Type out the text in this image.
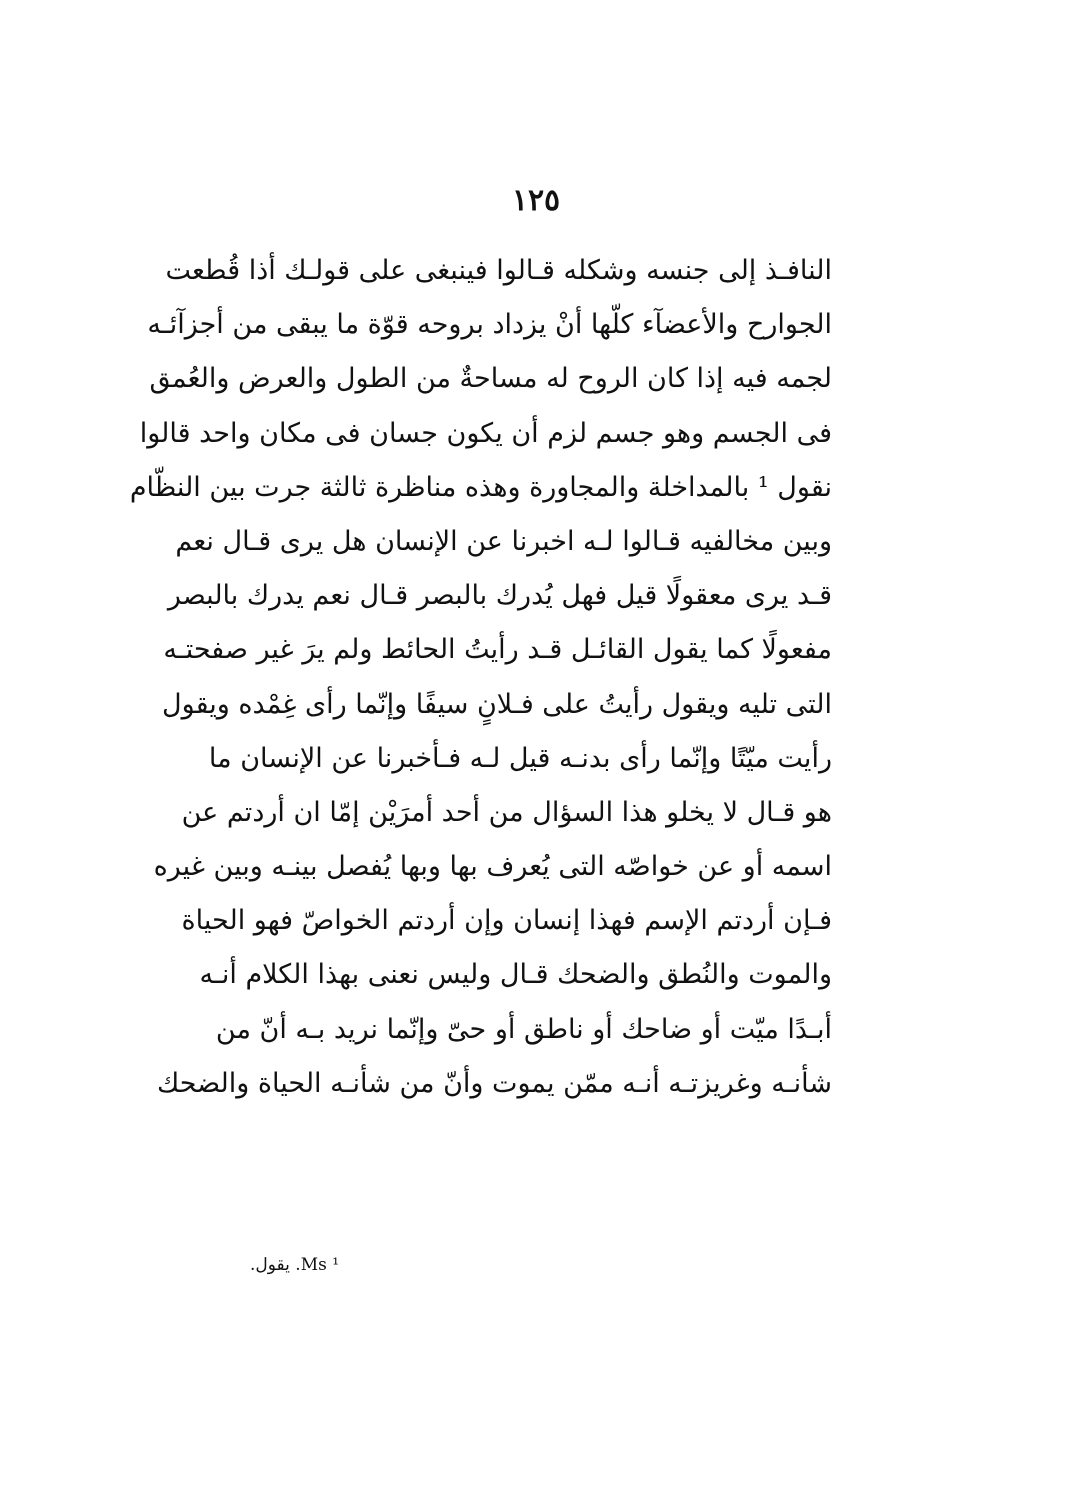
١٢٥
النافـذ إلى جنسه وشكله قـالوا فينبغى على قولـك أذا قُطعت
الجوارح والأعضآء كلّها أنْ يزداد بروحه قوّة ما يبقى من أجزآئـه
لجمه فيه إذا كان الروح له مساحةٌ من الطول والعرض والعُمق
فى الجسم وهو جسم لزم أن يكون جسان فى مكان واحد قالوا
نقول ¹ بالمداخلة والمجاورة وهذه مناظرة ثالثة جرت بين النظّام
وبين مخالفيه قـالوا لـه اخبرنا عن الإنسان هل يرى قـال نعم
قـد يرى معقولًا قيل فهل يُدرك بالبصر قـال نعم يدرك بالبصر
مفعولًا كما يقول القائـل قـد رأيتُ الحائط ولم يرَ غير صفحتـه
التى تليه ويقول رأيتُ على فـلانٍ سيفًا وإنّما رأى غِمْده ويقول
رأيت ميّتًا وإنّما رأى بدنـه قيل لـه فـأخبرنا عن الإنسان ما
هو قـال لا يخلو هذا السؤال من أحد أمرَيْن إمّا ان أردتم عن
اسمه أو عن خواصّه التى يُعرف بها وبها يُفصل بينـه وبين غيره
فـإن أردتم الإسم فهذا إنسان وإن أردتم الخواصّ فهو الحياة
والموت والنُطق والضحك قـال وليس نعنى بهذا الكلام أنـه
أبـدًا ميّت أو ضاحك أو ناطق أو حىّ وإنّما نريد بـه أنّ من
شأنـه وغريزتـه أنـه ممّن يموت وأنّ من شأنـه الحياة والضحك
¹ Ms. يقول.
